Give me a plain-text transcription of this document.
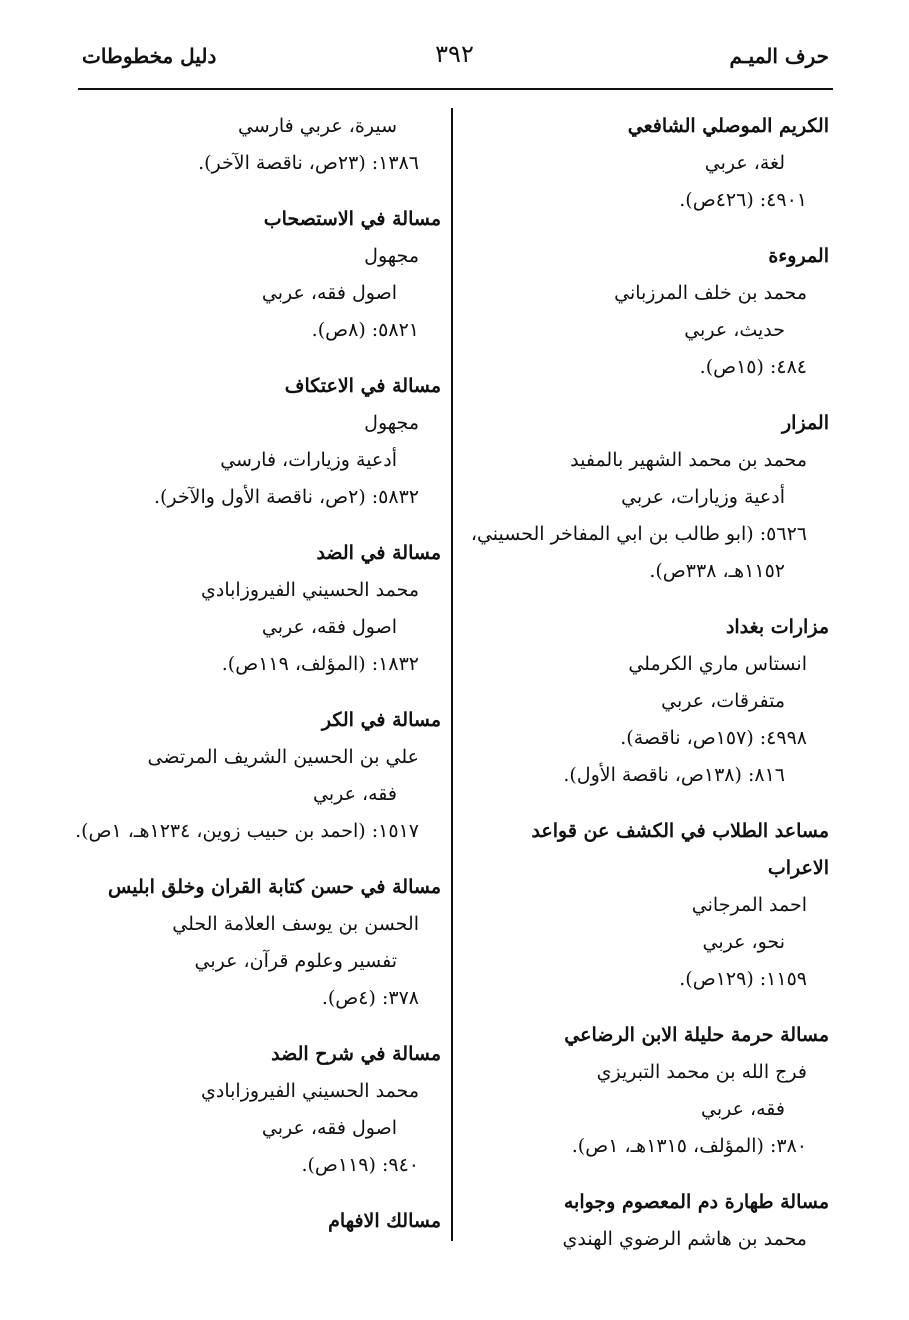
حرف الميـم
٣٩٢
دليل مخطوطات
الكريم الموصلي الشافعي
لغة، عربي
٤٩٠١: (٤٢٦ص).
المروءة
محمد بن خلف المرزباني
حديث، عربي
٤٨٤: (١٥ص).
المزار
محمد بن محمد الشهير بالمفيد
أدعية وزيارات، عربي
٥٦٢٦: (ابو طالب بن ابي المفاخر الحسيني،
١١٥٢هـ، ٣٣٨ص).
مزارات بغداد
انستاس ماري الكرملي
متفرقات، عربي
٤٩٩٨: (١٥٧ص، ناقصة).
٨١٦: (١٣٨ص، ناقصة الأول).
مساعد الطلاب في الكشف عن قواعد الاعراب
احمد المرجاني
نحو، عربي
١١٥٩: (١٢٩ص).
مسالة حرمة حليلة الابن الرضاعي
فرج الله بن محمد التبريزي
فقه، عربي
٣٨٠: (المؤلف، ١٣١٥هـ، ١ص).
مسالة طهارة دم المعصوم وجوابه
محمد بن هاشم الرضوي الهندي
سيرة، عربي فارسي
١٣٨٦: (٢٣ص، ناقصة الآخر).
مسالة في الاستصحاب
مجهول
اصول فقه، عربي
٥٨٢١: (٨ص).
مسالة في الاعتكاف
مجهول
أدعية وزيارات، فارسي
٥٨٣٢: (٢ص، ناقصة الأول والآخر).
مسالة في الضد
محمد الحسيني الفيروزابادي
اصول فقه، عربي
١٨٣٢: (المؤلف، ١١٩ص).
مسالة في الكر
علي بن الحسين الشريف المرتضى
فقه، عربي
١٥١٧: (احمد بن حبيب زوين، ١٢٣٤هـ، ١ص).
مسالة في حسن كتابة القران وخلق ابليس
الحسن بن يوسف العلامة الحلي
تفسير وعلوم قرآن، عربي
٣٧٨: (٤ص).
مسالة في شرح الضد
محمد الحسيني الفيروزابادي
اصول فقه، عربي
٩٤٠: (١١٩ص).
مسالك الافهام
